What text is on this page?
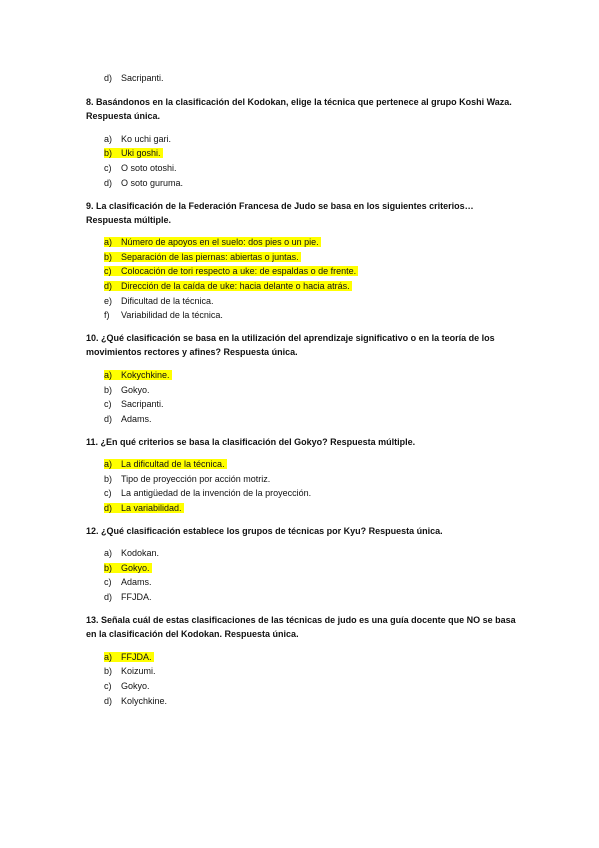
d) Sacripanti.
8. Basándonos en la clasificación del Kodokan, elige la técnica que pertenece al grupo Koshi Waza. Respuesta única.
a) Ko uchi gari.
b) Uki goshi.
c) O soto otoshi.
d) O soto guruma.
9. La clasificación de la Federación Francesa de Judo se basa en los siguientes criterios… Respuesta múltiple.
a) Número de apoyos en el suelo: dos pies o un pie.
b) Separación de las piernas: abiertas o juntas.
c) Colocación de tori respecto a uke: de espaldas o de frente.
d) Dirección de la caída de uke: hacia delante o hacia atrás.
e) Dificultad de la técnica.
f) Variabilidad de la técnica.
10. ¿Qué clasificación se basa en la utilización del aprendizaje significativo o en la teoría de los movimientos rectores y afines? Respuesta única.
a) Kokychkine.
b) Gokyo.
c) Sacripanti.
d) Adams.
11. ¿En qué criterios se basa la clasificación del Gokyo? Respuesta múltiple.
a) La dificultad de la técnica.
b) Tipo de proyección por acción motriz.
c) La antigüedad de la invención de la proyección.
d) La variabilidad.
12. ¿Qué clasificación establece los grupos de técnicas por Kyu? Respuesta única.
a) Kodokan.
b) Gokyo.
c) Adams.
d) FFJDA.
13. Señala cuál de estas clasificaciones de las técnicas de judo es una guía docente que NO se basa en la clasificación del Kodokan. Respuesta única.
a) FFJDA.
b) Koizumi.
c) Gokyo.
d) Kolychkine.
